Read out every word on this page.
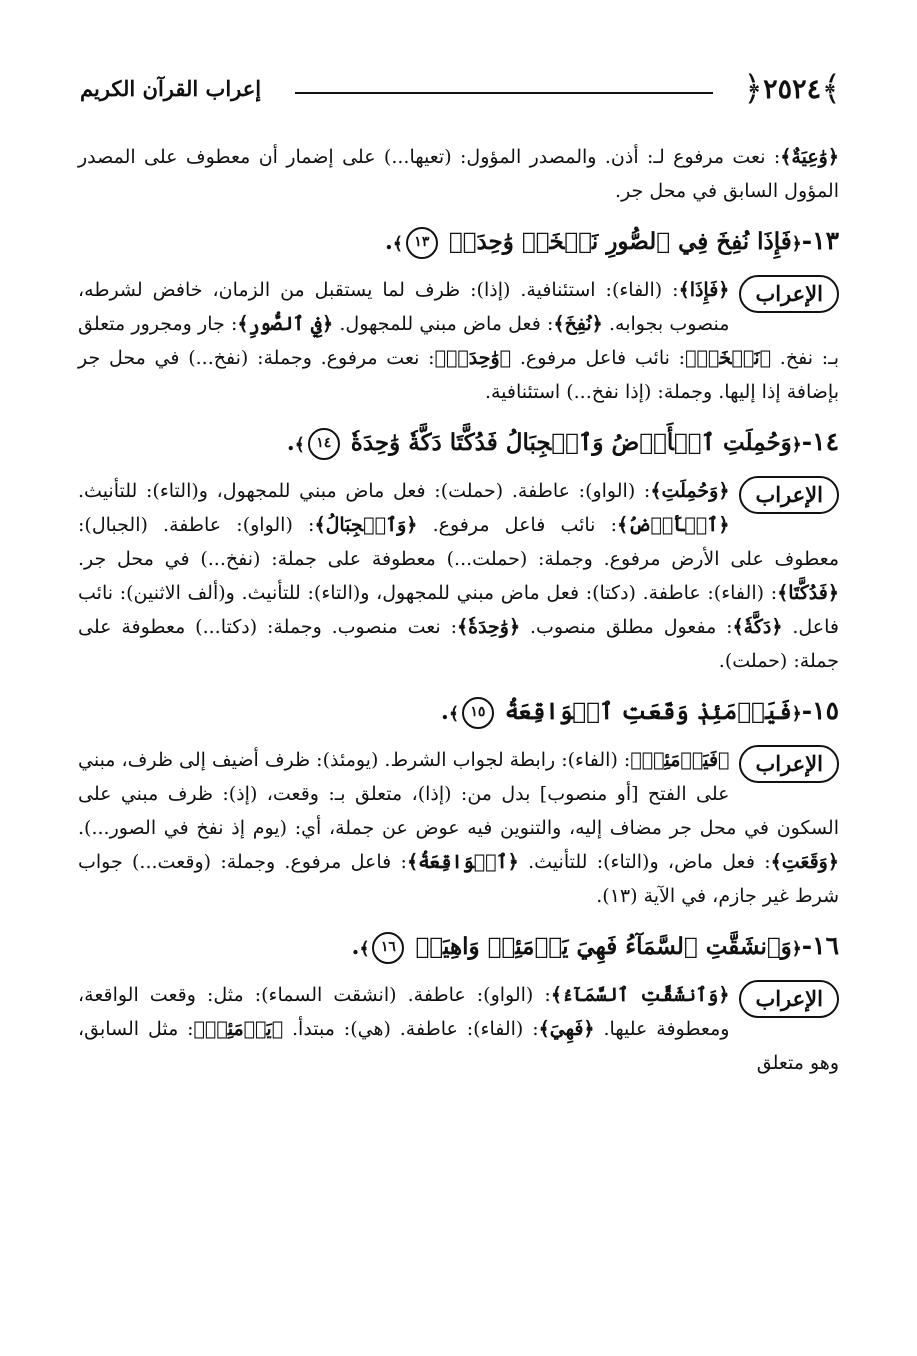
﴿٢٥٢٤﴾
إعراب القرآن الكريم

﴿وَٰعِيَةٌ﴾: نعت مرفوع لـ: أذن. والمصدر المؤول: (تعيها...) على إضمار أن معطوف على المصدر المؤول السابق في محل جر.

١٣-﴿فَإِذَا نُفِخَ فِي ٱلصُّورِ نَفۡخَةٞ وَٰحِدَةٞ ١٣﴾.

الإعراب
﴿فَإِذَا﴾: (الفاء): استئنافية. (إذا): ظرف لما يستقبل من الزمان، خافض لشرطه، منصوب بجوابه. ﴿نُفِخَ﴾: فعل ماض مبني للمجهول. ﴿فِي ٱلصُّورِ﴾: جار ومجرور متعلق بـ: نفخ. ﴿نَفۡخَةٞ﴾: نائب فاعل مرفوع. ﴿وَٰحِدَةٞ﴾: نعت مرفوع. وجملة: (نفخ...) في محل جر بإضافة إذا إليها. وجملة: (إذا نفخ...) استئنافية.

١٤-﴿وَحُمِلَتِ ٱلۡأَرۡضُ وَٱلۡجِبَالُ فَدُكَّتَا دَكَّةٗ وَٰحِدَةٗ ١٤﴾.

الإعراب
﴿وَحُمِلَتِ﴾: (الواو): عاطفة. (حملت): فعل ماض مبني للمجهول، و(التاء): للتأنيث. ﴿ٱلۡأَرۡضُ﴾: نائب فاعل مرفوع. ﴿وَٱلۡجِبَالُ﴾: (الواو): عاطفة. (الجبال): معطوف على الأرض مرفوع. وجملة: (حملت...) معطوفة على جملة: (نفخ...) في محل جر. ﴿فَدُكَّتَا﴾: (الفاء): عاطفة. (دكتا): فعل ماض مبني للمجهول، و(التاء): للتأنيث. و(ألف الاثنين): نائب فاعل. ﴿دَكَّةٗ﴾: مفعول مطلق منصوب. ﴿وَٰحِدَةٗ﴾: نعت منصوب. وجملة: (دكتا...) معطوفة على جملة: (حملت).

١٥-﴿فَيَوۡمَئِذٖ وَقَعَتِ ٱلۡوَاقِعَةُ ١٥﴾.

الإعراب
﴿فَيَوۡمَئِذٖ﴾: (الفاء): رابطة لجواب الشرط. (يومئذ): ظرف أضيف إلى ظرف، مبني على الفتح [أو منصوب] بدل من: (إذا)، متعلق بـ: وقعت، (إذ): ظرف مبني على السكون في محل جر مضاف إليه، والتنوين فيه عوض عن جملة، أي: (يوم إذ نفخ في الصور...). ﴿وَقَعَتِ﴾: فعل ماض، و(التاء): للتأنيث. ﴿ٱلۡوَاقِعَةُ﴾: فاعل مرفوع. وجملة: (وقعت...) جواب شرط غير جازم، في الآية (١٣).

١٦-﴿وَٱنشَقَّتِ ٱلسَّمَآءُ فَهِيَ يَوۡمَئِذٖ وَاهِيَةٞ ١٦﴾.

الإعراب
﴿وَٱنشَقَّتِ ٱلسَّمَآءُ﴾: (الواو): عاطفة. (انشقت السماء): مثل: وقعت الواقعة، ومعطوفة عليها. ﴿فَهِيَ﴾: (الفاء): عاطفة. (هي): مبتدأ. ﴿يَوۡمَئِذٖ﴾: مثل السابق، وهو متعلق
